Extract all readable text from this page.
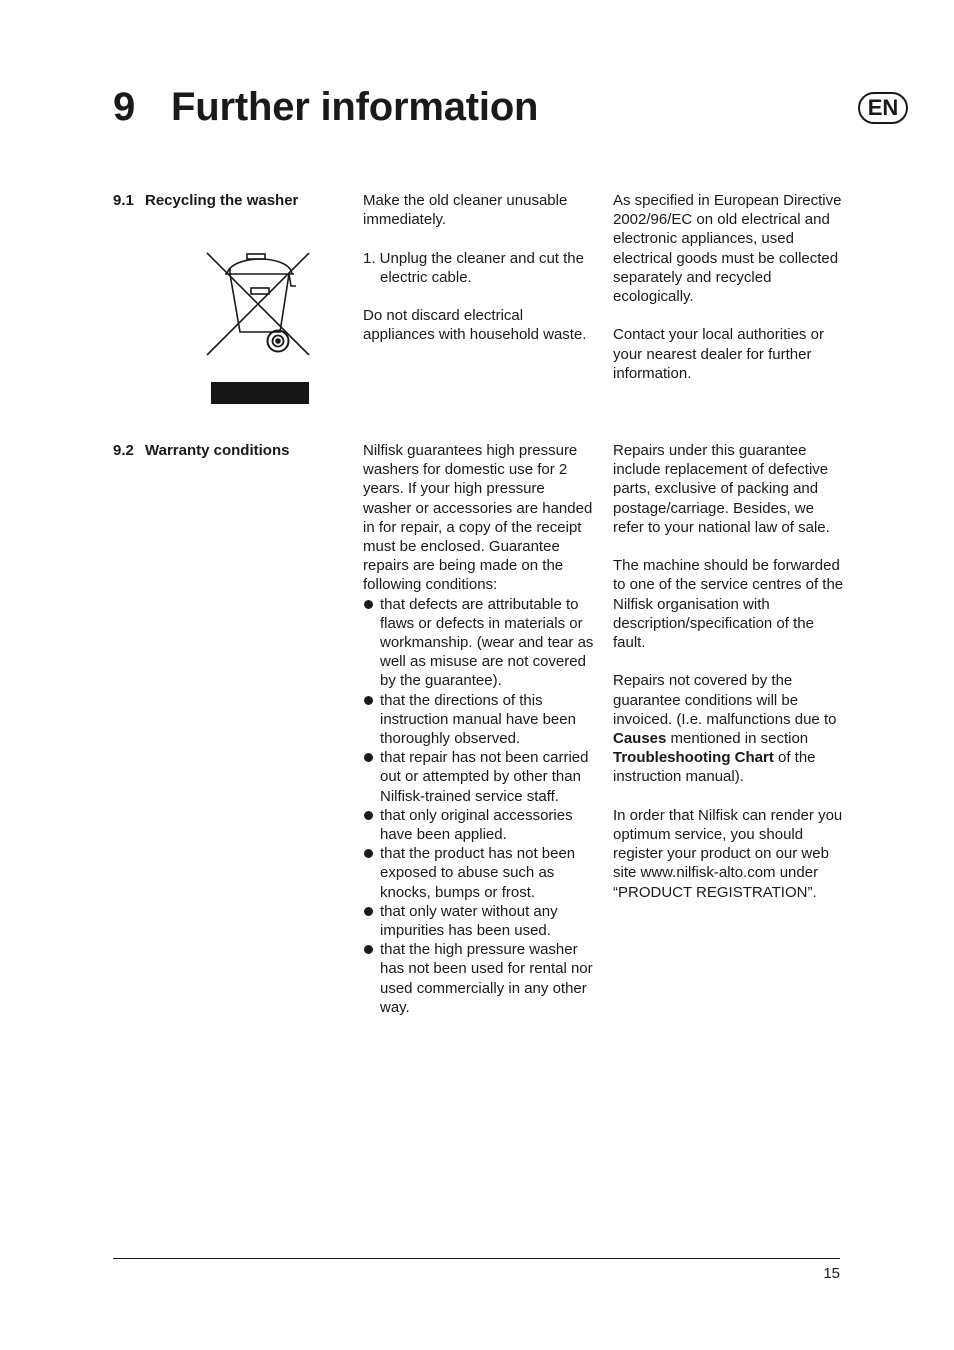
9 Further information	EN
9.1 Recycling the washer	Make the old cleaner unusable immediately.

1. Unplug the cleaner and cut the electric cable.

Do not discard electrical appliances with household waste.

As specified in European Directive 2002/96/EC on old electrical and electronic appliances, used electrical goods must be collected separately and recycled ecologically.

Contact your local authorities or your nearest dealer for further information.

9.2 Warranty conditions	Nilfisk guarantees high pressure washers for domestic use for 2 years. If your high pressure washer or accessories are handed in for repair, a copy of the receipt must be enclosed. Guarantee repairs are being made on the following conditions:

that defects are attributable to flaws or defects in materials or workmanship. (wear and tear as well as misuse are not covered by the guarantee).
that the directions of this instruction manual have been thoroughly observed.
that repair has not been carried out or attempted by other than Nilfisk-trained service staff.
that only original accessories have been applied.
that the product has not been exposed to abuse such as knocks, bumps or frost.
that only water without any impurities has been used.
that the high pressure washer has not been used for rental nor used commercially in any other way.

Repairs under this guarantee include replacement of defective parts, exclusive of packing and postage/carriage. Besides, we refer to your national law of sale.

The machine should be forwarded to one of the service centres of the Nilfisk organisation with description/specification of the fault.

Repairs not covered by the guarantee conditions will be invoiced. (I.e. malfunctions due to Causes mentioned in section Troubleshooting Chart of the instruction manual).

In order that Nilfisk can render you optimum service, you should register your product on our web site www.nilfisk-alto.com under “PRODUCT REGISTRATION”.

15
